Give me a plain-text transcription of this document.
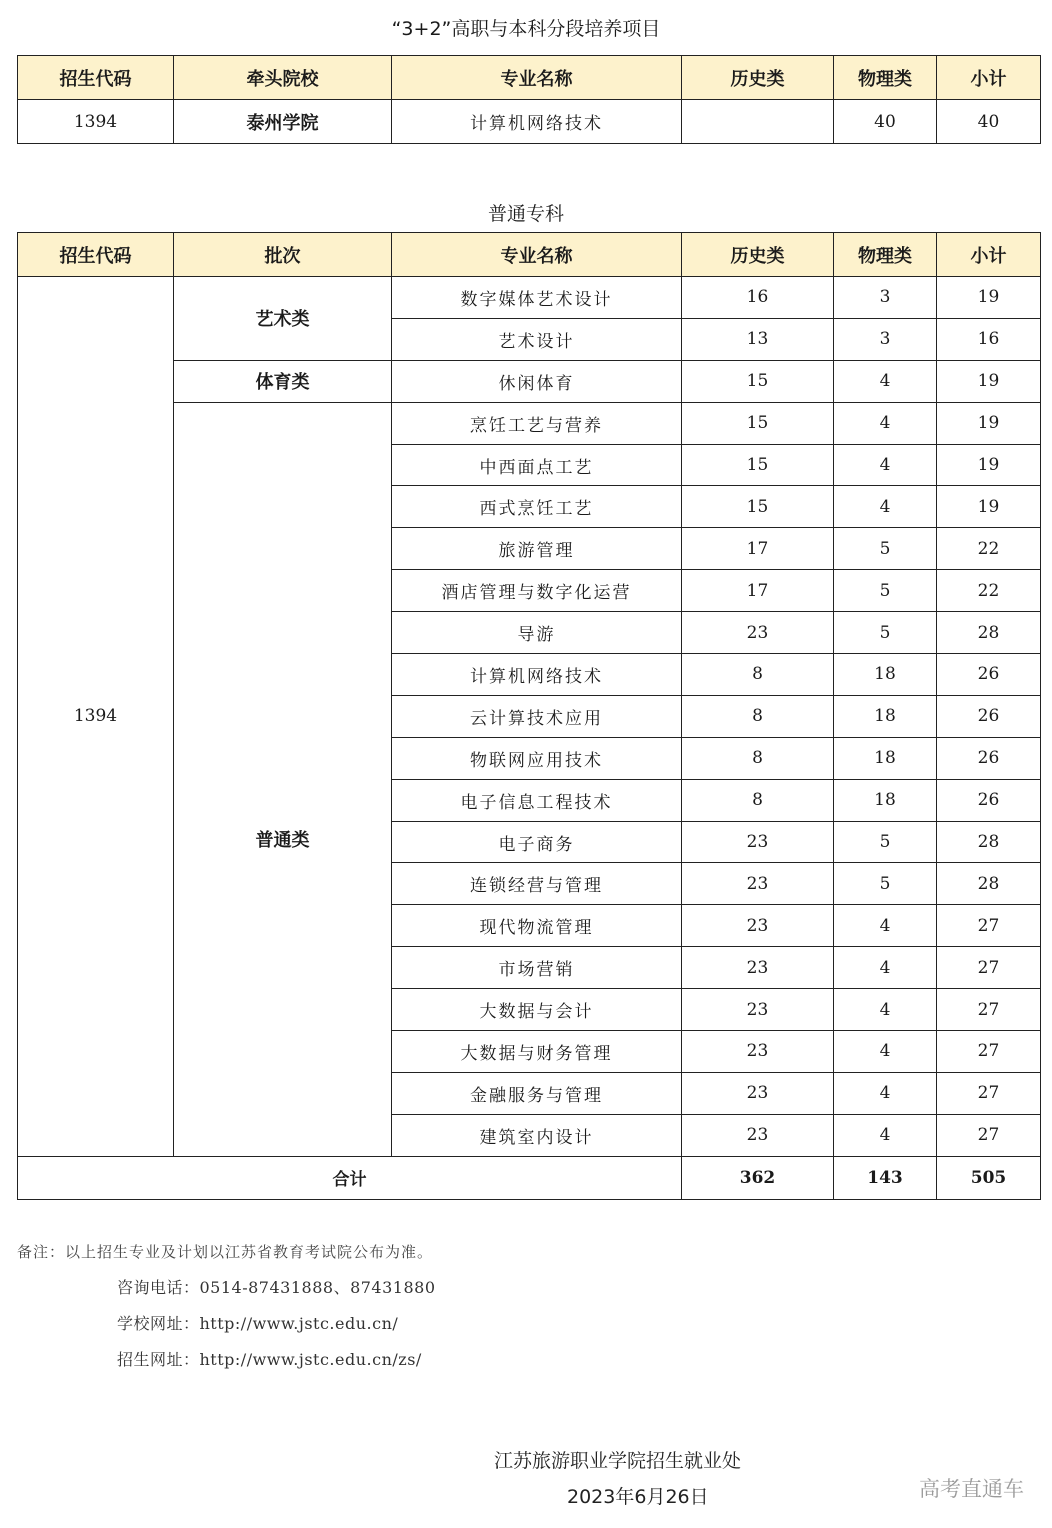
“3+2”高职与本科分段培养项目
招生代码	牵头院校	专业名称	历史类	物理类	小计
1394	泰州学院	计算机网络技术		40	40
普通专科
招生代码	批次	专业名称	历史类	物理类	小计
1394	艺术类	数字媒体艺术设计	16	3	19
		艺术设计	13	3	16
	体育类	休闲体育	15	4	19
	普通类	烹饪工艺与营养	15	4	19
		中西面点工艺	15	4	19
		西式烹饪工艺	15	4	19
		旅游管理	17	5	22
		酒店管理与数字化运营	17	5	22
		导游	23	5	28
		计算机网络技术	8	18	26
		云计算技术应用	8	18	26
		物联网应用技术	8	18	26
		电子信息工程技术	8	18	26
		电子商务	23	5	28
		连锁经营与管理	23	5	28
		现代物流管理	23	4	27
		市场营销	23	4	27
		大数据与会计	23	4	27
		大数据与财务管理	23	4	27
		金融服务与管理	23	4	27
		建筑室内设计	23	4	27
合计			362	143	505
备注：以上招生专业及计划以江苏省教育考试院公布为准。
咨询电话：0514-87431888、87431880
学校网址：http://www.jstc.edu.cn/
招生网址：http://www.jstc.edu.cn/zs/
江苏旅游职业学院招生就业处
2023年6月26日	高考直通车
